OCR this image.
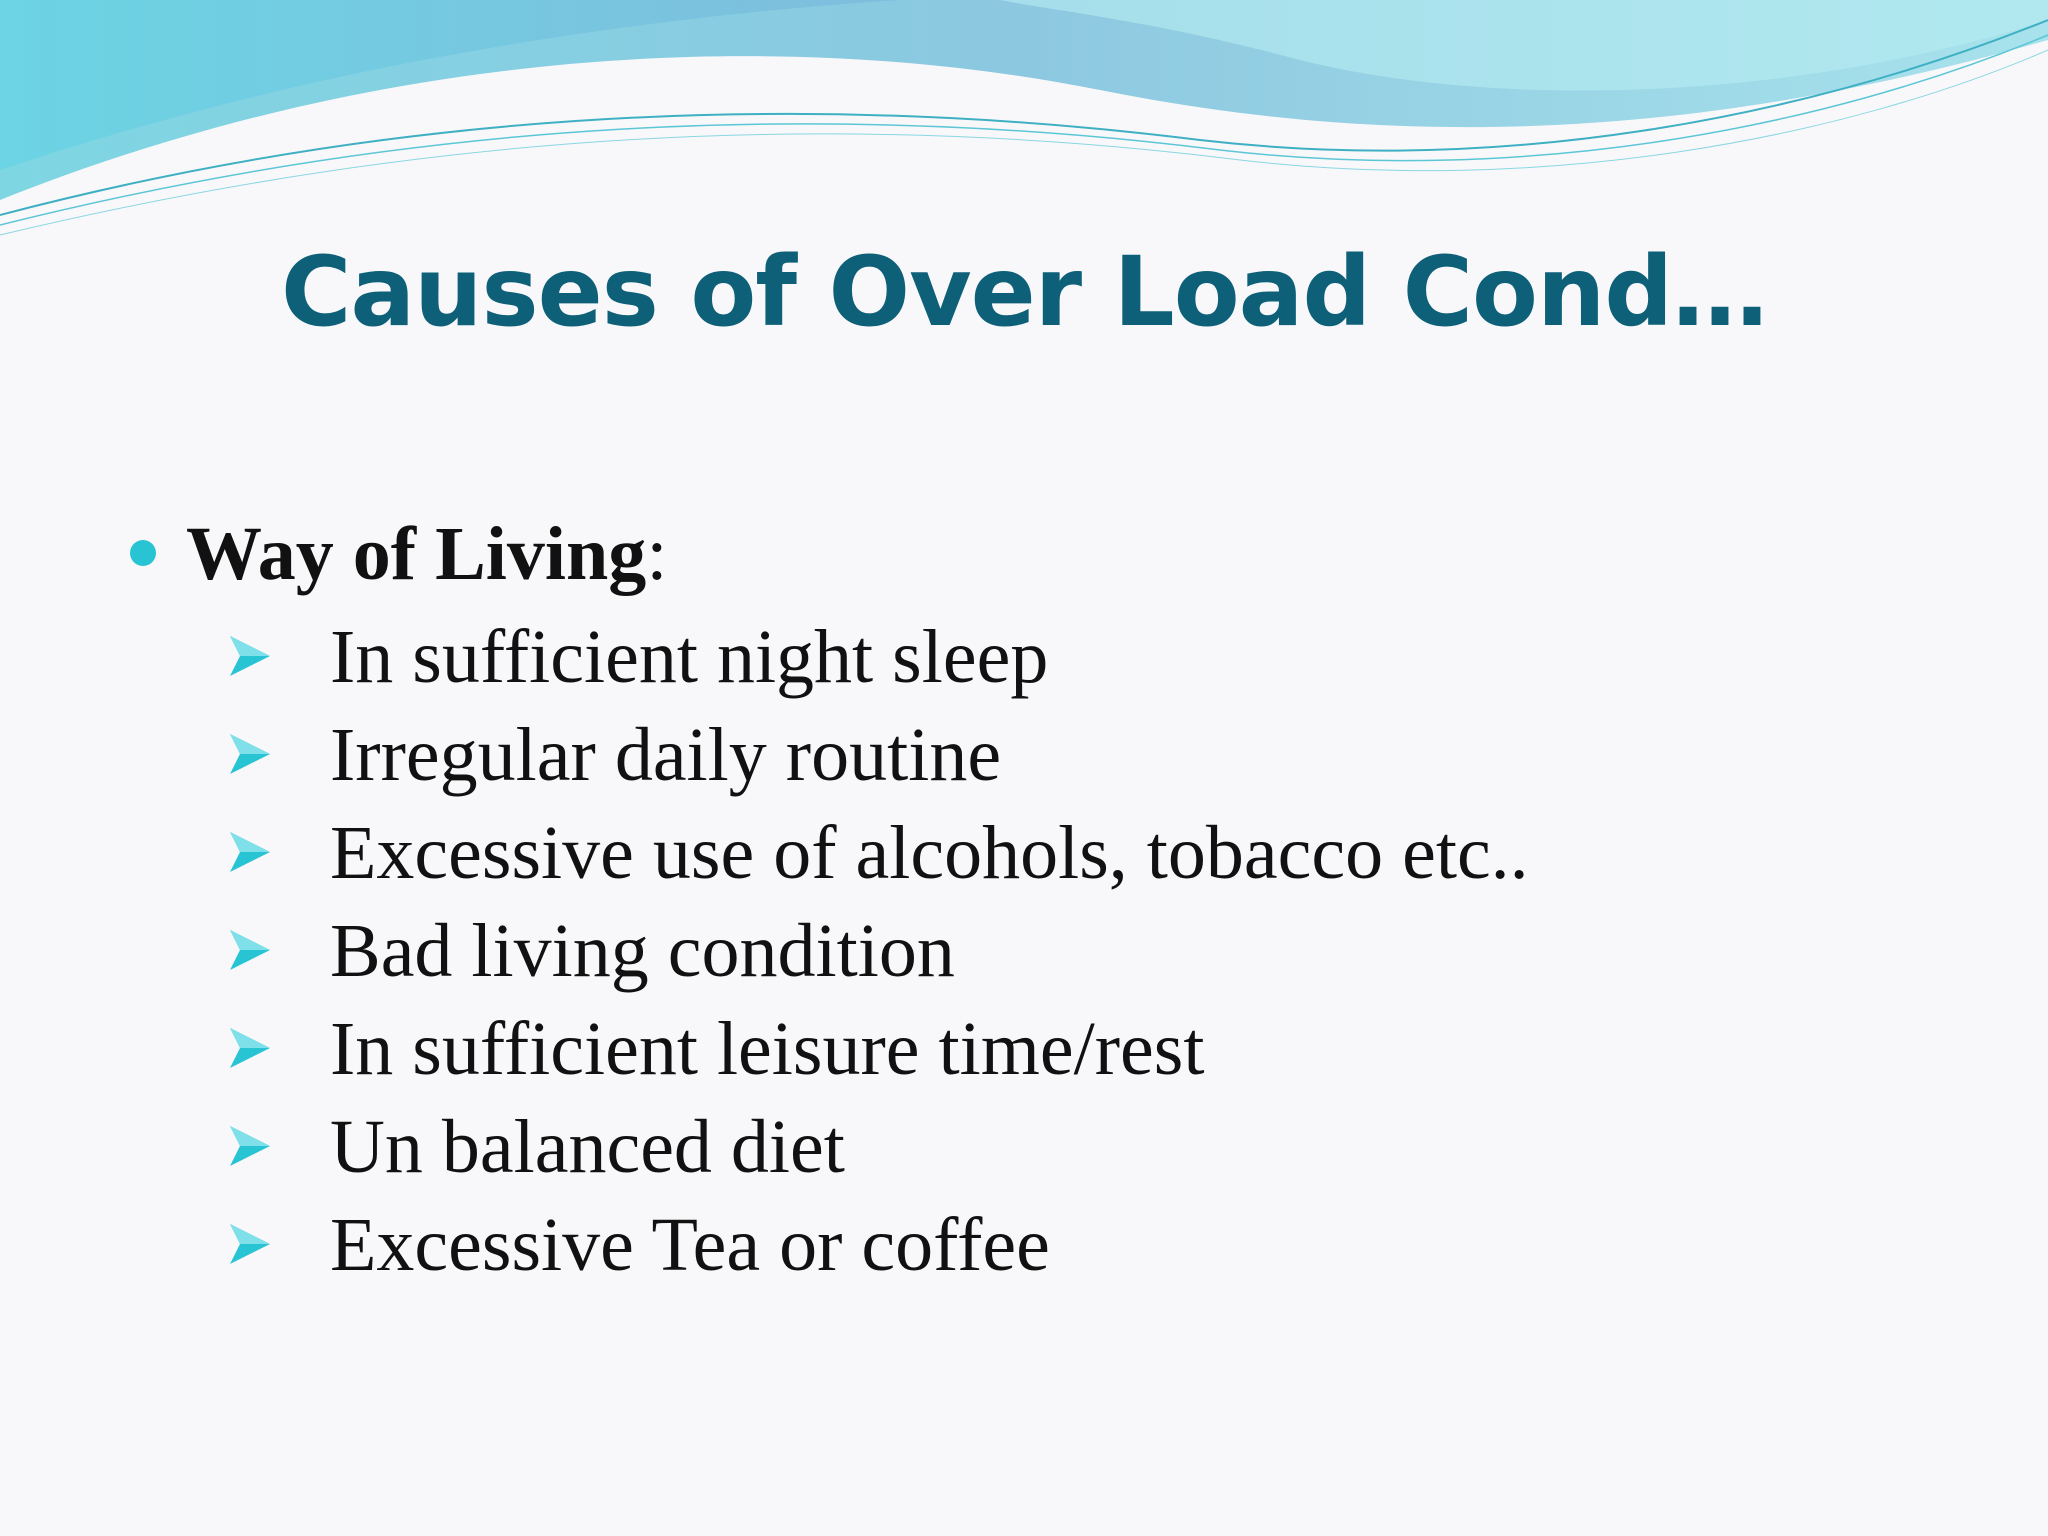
Causes of Over Load Cond…
Way of Living:
In sufficient night sleep
Irregular daily routine
Excessive use of alcohols, tobacco etc..
Bad living condition
In sufficient leisure time/rest
Un balanced diet
Excessive Tea or coffee
